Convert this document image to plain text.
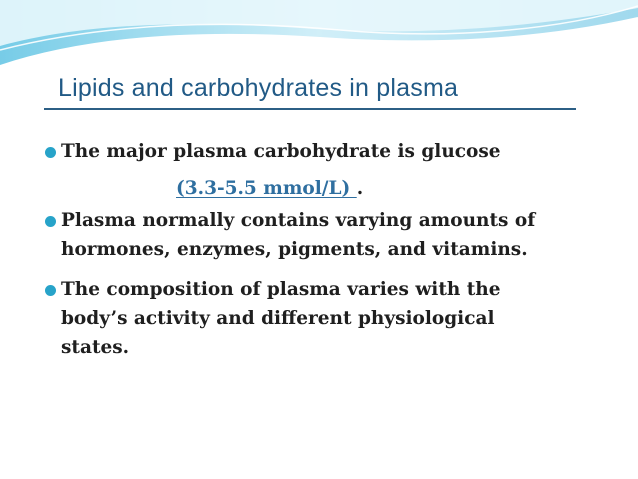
Lipids and carbohydrates in plasma
The major plasma carbohydrate is glucose
(3.3-5.5 mmol/L) .
Plasma normally contains varying amounts of
hormones, enzymes, pigments, and vitamins.
The composition of plasma varies with the
body’s activity and different physiological
states.
